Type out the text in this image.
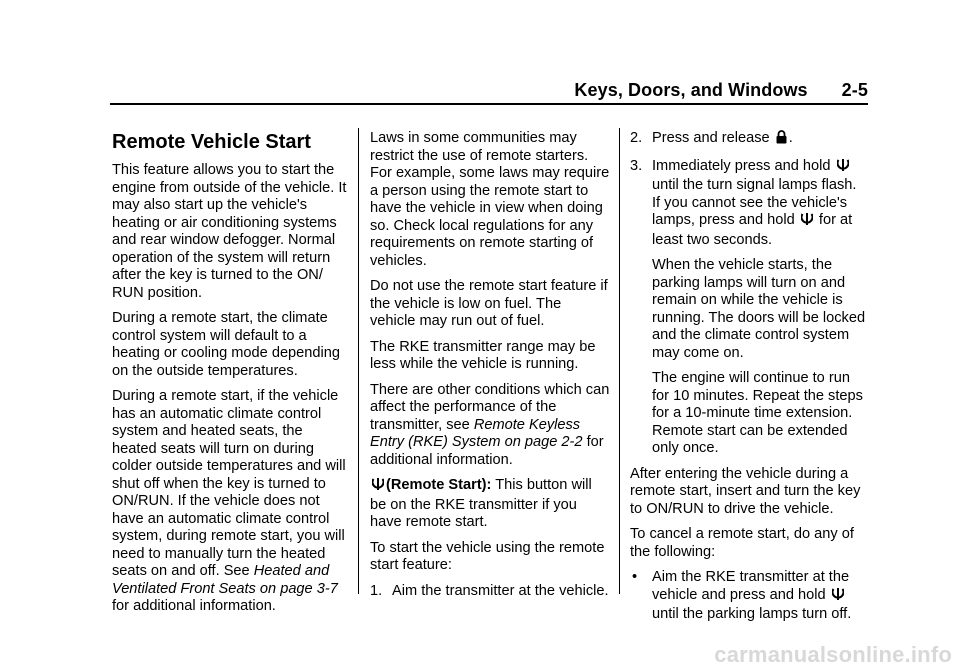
Keys, Doors, and Windows 2-5
Remote Vehicle Start

This feature allows you to start the engine from outside of the vehicle. It may also start up the vehicle's heating or air conditioning systems and rear window defogger. Normal operation of the system will return after the key is turned to the ON/ RUN position.

During a remote start, the climate control system will default to a heating or cooling mode depending on the outside temperatures.

During a remote start, if the vehicle has an automatic climate control system and heated seats, the heated seats will turn on during colder outside temperatures and will shut off when the key is turned to ON/RUN. If the vehicle does not have an automatic climate control system, during remote start, you will need to manually turn the heated seats on and off. See Heated and Ventilated Front Seats on page 3-7 for additional information.

Laws in some communities may restrict the use of remote starters. For example, some laws may require a person using the remote start to have the vehicle in view when doing so. Check local regulations for any requirements on remote starting of vehicles.

Do not use the remote start feature if the vehicle is low on fuel. The vehicle may run out of fuel.

The RKE transmitter range may be less while the vehicle is running.

There are other conditions which can affect the performance of the transmitter, see Remote Keyless Entry (RKE) System on page 2-2 for additional information.

(Remote Start): This button will be on the RKE transmitter if you have remote start.

To start the vehicle using the remote start feature:

1. Aim the transmitter at the vehicle.
2. Press and release .
3. Immediately press and hold  until the turn signal lamps flash. If you cannot see the vehicle's lamps, press and hold  for at least two seconds.

When the vehicle starts, the parking lamps will turn on and remain on while the vehicle is running. The doors will be locked and the climate control system may come on.

The engine will continue to run for 10 minutes. Repeat the steps for a 10-minute time extension. Remote start can be extended only once.

After entering the vehicle during a remote start, insert and turn the key to ON/RUN to drive the vehicle.

To cancel a remote start, do any of the following:

•	Aim the RKE transmitter at the vehicle and press and hold  until the parking lamps turn off.
carmanualsonline.info
